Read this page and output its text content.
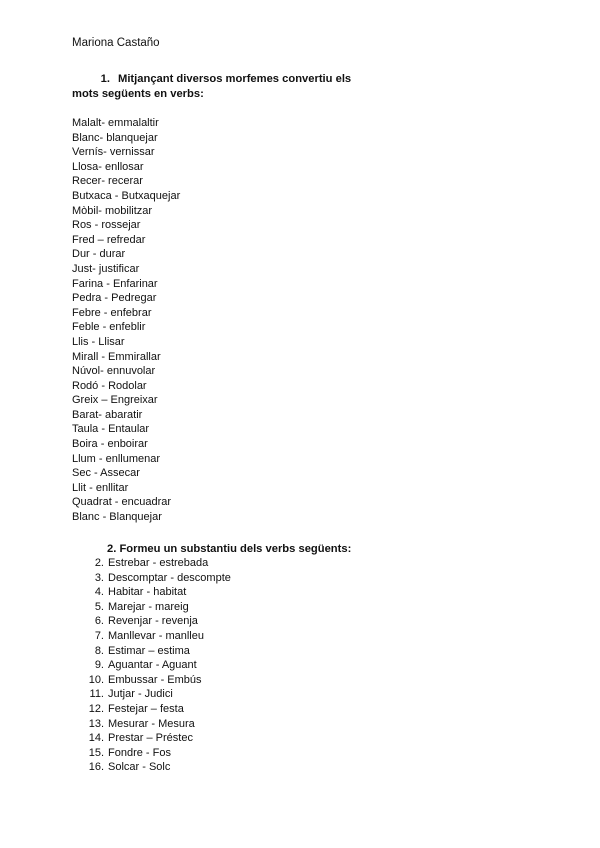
Mariona Castaño
1. Mitjançant diversos morfemes convertiu els
mots següents en verbs:
Malalt- emmalaltir
Blanc- blanquejar
Vernís- vernissar
Llosa- enllosar
Recer- recerar
Butxaca - Butxaquejar
Mòbil- mobilitzar
Ros - rossejar
Fred – refredar
Dur - durar
Just- justificar
Farina - Enfarinar
Pedra - Pedregar
Febre - enfebrar
Feble - enfeblir
Llis - Llisar
Mirall - Emmirallar
Núvol- ennuvolar
Rodó - Rodolar
Greix – Engreixar
Barat- abaratir
Taula - Entaular
Boira - enboirar
Llum - enllumenar
Sec - Assecar
Llit - enllitar
Quadrat - encuadrar
Blanc - Blanquejar
2. Formeu un substantiu dels verbs següents:
2. Estrebar - estrebada
3. Descomptar - descompte
4. Habitar - habitat
5. Marejar - mareig
6. Revenjar - revenja
7. Manllevar - manlleu
8. Estimar – estima
9. Aguantar - Aguant
10. Embussar - Embús
11. Jutjar - Judici
12. Festejar – festa
13. Mesurar - Mesura
14. Prestar – Préstec
15. Fondre - Fos
16. Solcar - Solc
